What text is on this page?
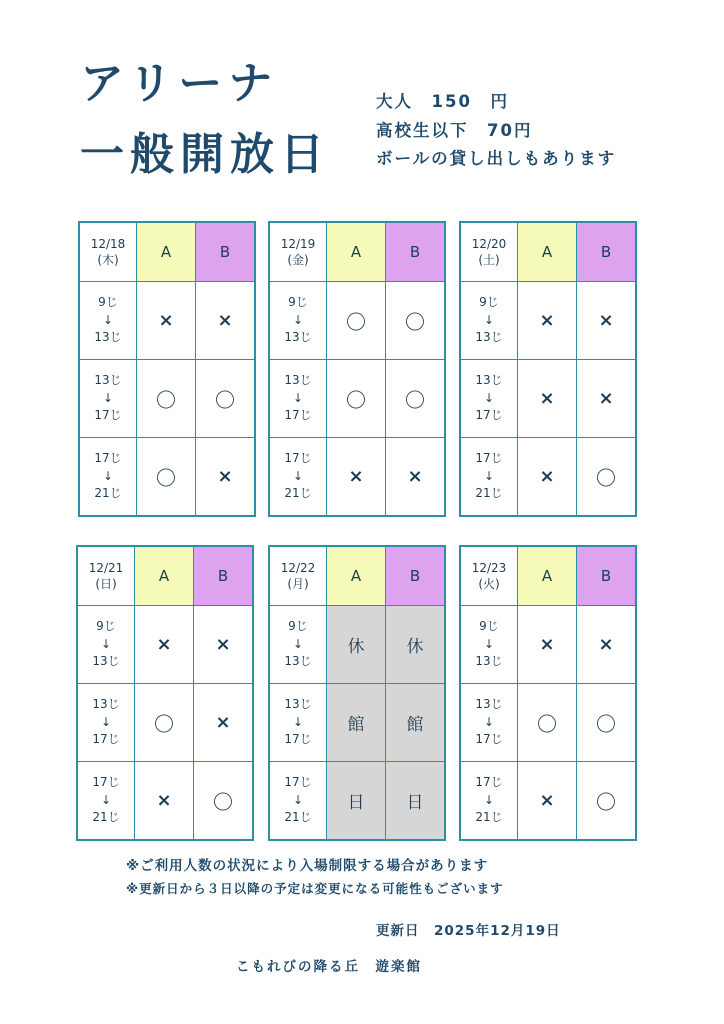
アリーナ
一般開放日
大人　150　円
高校生以下　70円
ボールの貸し出しもあります
12/18
(木)	A	B
9じ
↓
13じ	×	×
13じ
↓
17じ	〇	〇
17じ
↓
21じ	〇	×
12/19
(金)	A	B
9じ
↓
13じ	〇	〇
13じ
↓
17じ	〇	〇
17じ
↓
21じ	×	×
12/20
(土)	A	B
9じ
↓
13じ	×	×
13じ
↓
17じ	×	×
17じ
↓
21じ	×	〇
12/21
(日)	A	B
9じ
↓
13じ	×	×
13じ
↓
17じ	〇	×
17じ
↓
21じ	×	〇
12/22
(月)	A	B
9じ
↓
13じ	休	休
13じ
↓
17じ	館	館
17じ
↓
21じ	日	日
12/23
(火)	A	B
9じ
↓
13じ	×	×
13じ
↓
17じ	〇	〇
17じ
↓
21じ	×	〇
※ご利用人数の状況により入場制限する場合があります
※更新日から３日以降の予定は変更になる可能性もございます
更新日　2025年12月19日
こもれびの降る丘　遊楽館
